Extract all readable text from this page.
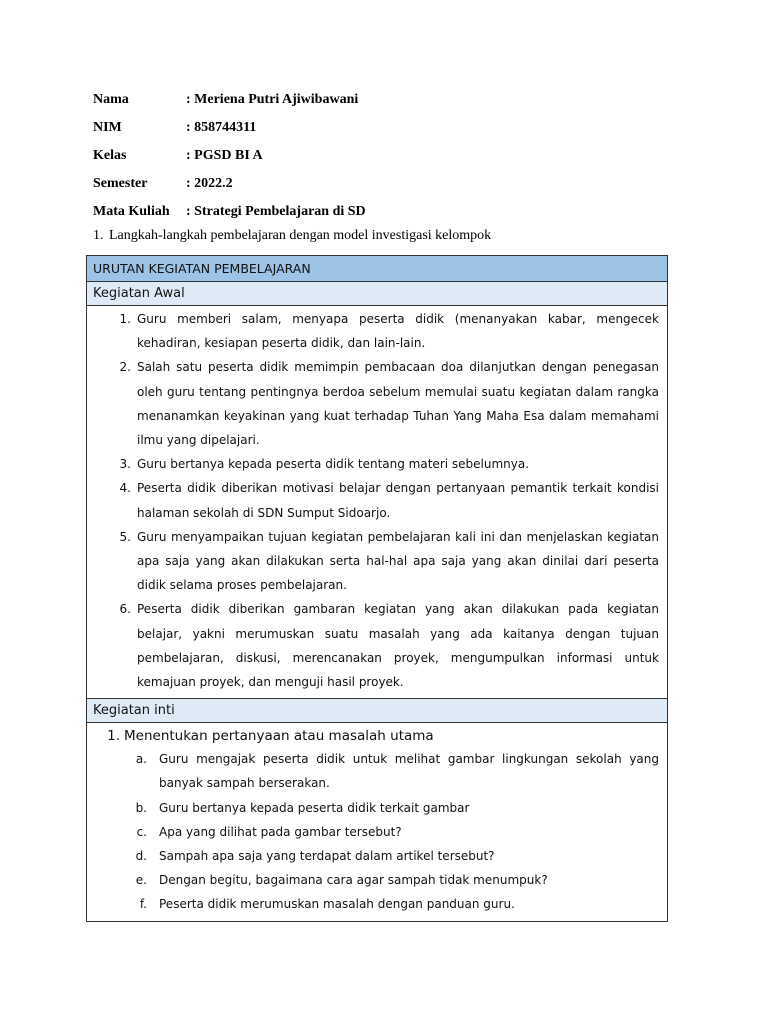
Nama	: Meriena Putri Ajiwibawani
NIM	: 858744311
Kelas	: PGSD BI A
Semester	: 2022.2
Mata Kuliah	: Strategi Pembelajaran di SD
1. Langkah-langkah pembelajaran dengan model investigasi kelompok
URUTAN KEGIATAN PEMBELAJARAN
Kegiatan Awal

1. Guru memberi salam, menyapa peserta didik (menanyakan kabar, mengecek kehadiran, kesiapan peserta didik, dan lain-lain.
2. Salah satu peserta didik memimpin pembacaan doa dilanjutkan dengan penegasan oleh guru tentang pentingnya berdoa sebelum memulai suatu kegiatan dalam rangka menanamkan keyakinan yang kuat terhadap Tuhan Yang Maha Esa dalam memahami ilmu yang dipelajari.
3. Guru bertanya kepada peserta didik tentang materi sebelumnya.
4. Peserta didik diberikan motivasi belajar dengan pertanyaan pemantik terkait kondisi halaman sekolah di SDN Sumput Sidoarjo.
5. Guru menyampaikan tujuan kegiatan pembelajaran kali ini dan menjelaskan kegiatan apa saja yang akan dilakukan serta hal-hal apa saja yang akan dinilai dari peserta didik selama proses pembelajaran.
6. Peserta didik diberikan gambaran kegiatan yang akan dilakukan pada kegiatan belajar, yakni merumuskan suatu masalah yang ada kaitanya dengan tujuan pembelajaran, diskusi, merencanakan proyek, mengumpulkan informasi untuk kemajuan proyek, dan menguji hasil proyek.

Kegiatan inti

1. Menentukan pertanyaan atau masalah utama
a.	Guru mengajak peserta didik untuk melihat gambar lingkungan sekolah yang banyak sampah berserakan.
b.	Guru bertanya kepada peserta didik terkait gambar
c.	Apa yang dilihat pada gambar tersebut?
d.	Sampah apa saja yang terdapat dalam artikel tersebut?
e.	Dengan begitu, bagaimana cara agar sampah tidak menumpuk?
f.	Peserta didik merumuskan masalah dengan panduan guru.
